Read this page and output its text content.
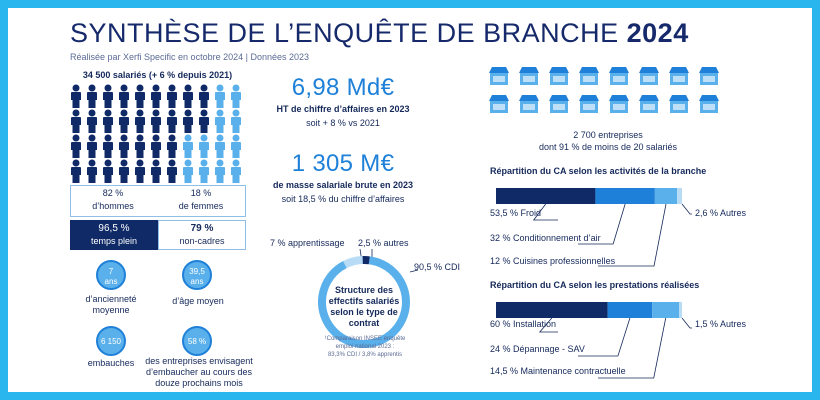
SYNTHÈSE DE L’ENQUÊTE DE BRANCHE 2024
Réalisée par Xerfi Specific en octobre 2024 | Données 2023
34 500 salariés (+ 6 % depuis 2021)
82 %
d’hommes
18 %
de femmes
96,5 %
temps plein
79 %
non-cadres
7
ans
d’ancienneté moyenne
39,5
ans
d’âge moyen
6 150
embauches
58 %
des entreprises envisagent d’embaucher au cours des douze prochains mois
6,98 Md€
HT de chiffre d’affaires en 2023
soit + 8 % vs 2021
1 305 M€
de masse salariale brute en 2023
soit 18,5 % du chiffre d’affaires
7 % apprentissage 2,5 % autres
90,5 % CDI
Structure des effectifs salariés selon le type de contrat
¹Comparaison INSEE enquête
emploi national 2023 :
83,3% CDI / 3,8% apprentis
2 700 entreprises
dont 91 % de moins de 20 salariés
Répartition du CA selon les activités de la branche
53,5 % Froid
32 % Conditionnement d’air
12 % Cuisines professionnelles
2,6 % Autres
Répartition du CA selon les prestations réalisées
60 % Installation
24 % Dépannage - SAV
14,5 % Maintenance contractuelle
1,5 % Autres
